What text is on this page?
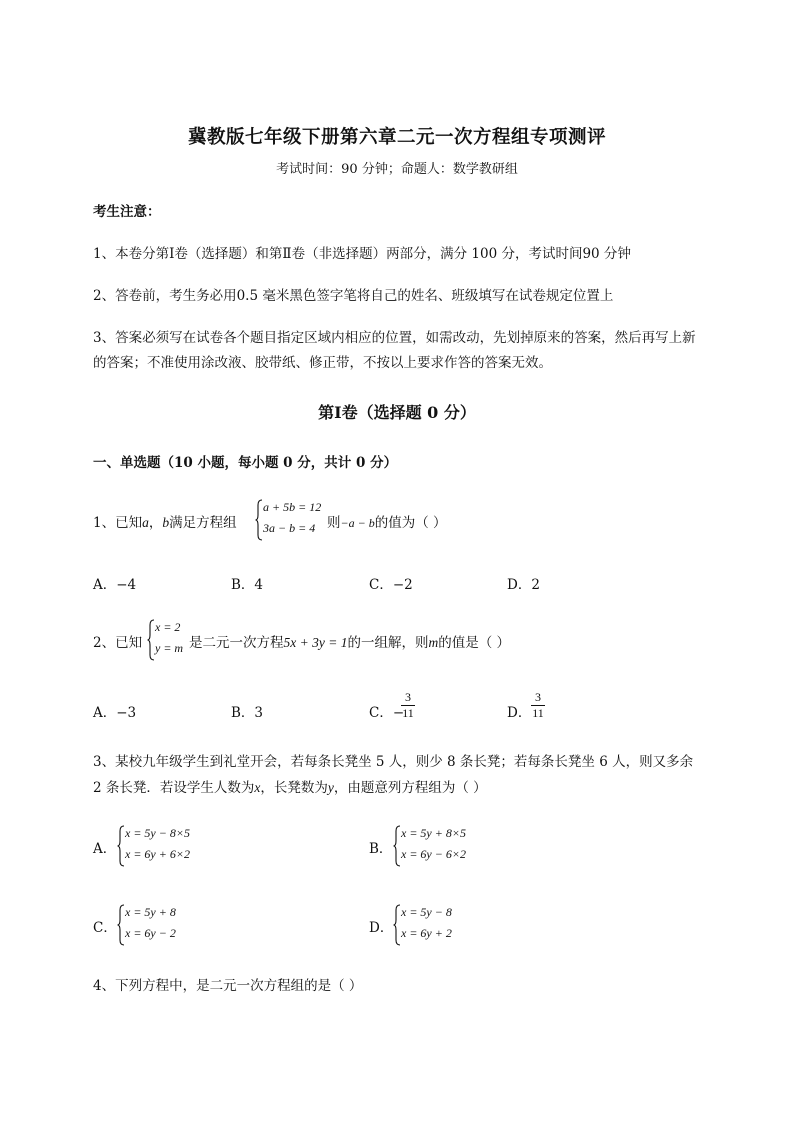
冀教版七年级下册第六章二元一次方程组专项测评
考试时间：90 分钟；命题人：数学教研组
考生注意：
1、本卷分第Ⅰ卷（选择题）和第Ⅱ卷（非选择题）两部分，满分 100 分，考试时间90 分钟
2、答卷前，考生务必用0.5 毫米黑色签字笔将自己的姓名、班级填写在试卷规定位置上
3、答案必须写在试卷各个题目指定区域内相应的位置，如需改动，先划掉原来的答案，然后再写上新
的答案；不准使用涂改液、胶带纸、修正带，不按以上要求作答的答案无效。
第Ⅰ卷（选择题 0 分）
一、单选题（10 小题，每小题 0 分，共计 0 分）
1、已知a，b满足方程组
a + 5b = 12
3a − b = 4 则−a − b的值为（ ）
A．−4	B．4	C．−2	D．2
2、已知
x = 2
y = m 是二元一次方程5x + 3y = 1的一组解，则m的值是（ ）
A．−3	B．3	C．−
$\frac{3}{11}$	D． $\frac{3}{11}$
3、某校九年级学生到礼堂开会，若每条长凳坐 5 人，则少 8 条长凳；若每条长凳坐 6 人，则又多余
2 条长凳．若设学生人数为x，长凳数为y，由题意列方程组为（ ）
A．
x = 5y − 8×5
x = 6y + 6×2	B．
x = 5y + 8×5
x = 6y − 6×2
C．
x = 5y + 8
x = 6y − 2	D．
x = 5y − 8
x = 6y + 2
4、下列方程中，是二元一次方程组的是（ ）
